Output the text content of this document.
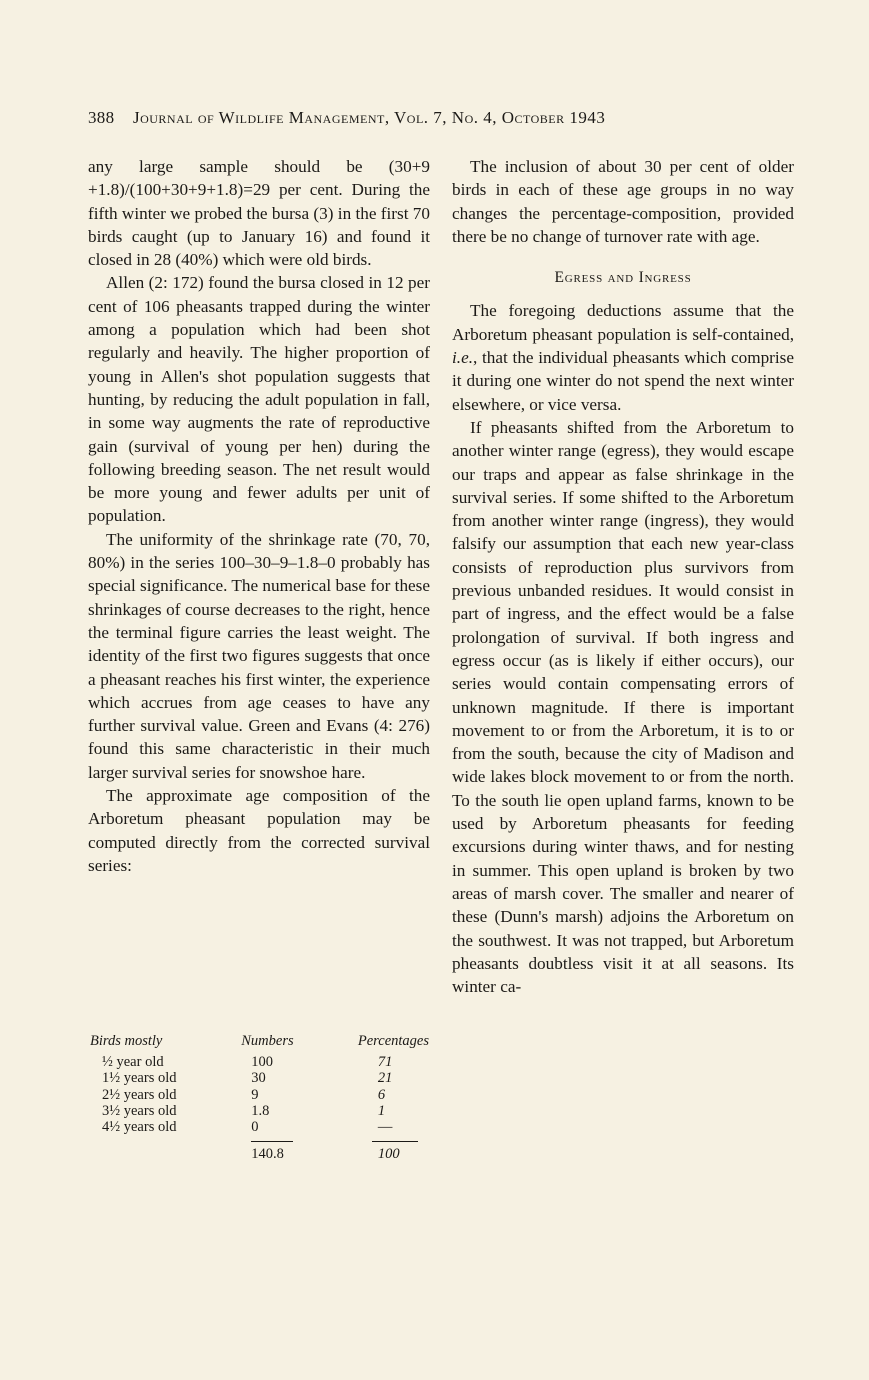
388 Journal of Wildlife Management, Vol. 7, No. 4, October 1943

any large sample should be (30+9 +1.8)/(100+30+9+1.8)=29 per cent. During the fifth winter we probed the bursa (3) in the first 70 birds caught (up to January 16) and found it closed in 28 (40%) which were old birds.

Allen (2: 172) found the bursa closed in 12 per cent of 106 pheasants trapped during the winter among a population which had been shot regularly and heavily. The higher proportion of young in Allen's shot population suggests that hunting, by reducing the adult population in fall, in some way augments the rate of reproductive gain (survival of young per hen) during the following breeding season. The net result would be more young and fewer adults per unit of population.

The uniformity of the shrinkage rate (70, 70, 80%) in the series 100–30–9–1.8–0 probably has special significance. The numerical base for these shrinkages of course decreases to the right, hence the terminal figure carries the least weight. The identity of the first two figures suggests that once a pheasant reaches his first winter, the experience which accrues from age ceases to have any further survival value. Green and Evans (4: 276) found this same characteristic in their much larger survival series for snowshoe hare.

The approximate age composition of the Arboretum pheasant population may be computed directly from the corrected survival series:

Birds mostly	Numbers	Percentages
½ year old	100	71
1½ years old	30	21
2½ years old	9	6
3½ years old	1.8	1
4½ years old	0	—
	140.8	100

The inclusion of about 30 per cent of older birds in each of these age groups in no way changes the percentage-composition, provided there be no change of turnover rate with age.

Egress and Ingress

The foregoing deductions assume that the Arboretum pheasant population is self-contained, i.e., that the individual pheasants which comprise it during one winter do not spend the next winter elsewhere, or vice versa.

If pheasants shifted from the Arboretum to another winter range (egress), they would escape our traps and appear as false shrinkage in the survival series. If some shifted to the Arboretum from another winter range (ingress), they would falsify our assumption that each new year-class consists of reproduction plus survivors from previous unbanded residues. It would consist in part of ingress, and the effect would be a false prolongation of survival. If both ingress and egress occur (as is likely if either occurs), our series would contain compensating errors of unknown magnitude. If there is important movement to or from the Arboretum, it is to or from the south, because the city of Madison and wide lakes block movement to or from the north. To the south lie open upland farms, known to be used by Arboretum pheasants for feeding excursions during winter thaws, and for nesting in summer. This open upland is broken by two areas of marsh cover. The smaller and nearer of these (Dunn's marsh) adjoins the Arboretum on the southwest. It was not trapped, but Arboretum pheasants doubtless visit it at all seasons. Its winter ca-
